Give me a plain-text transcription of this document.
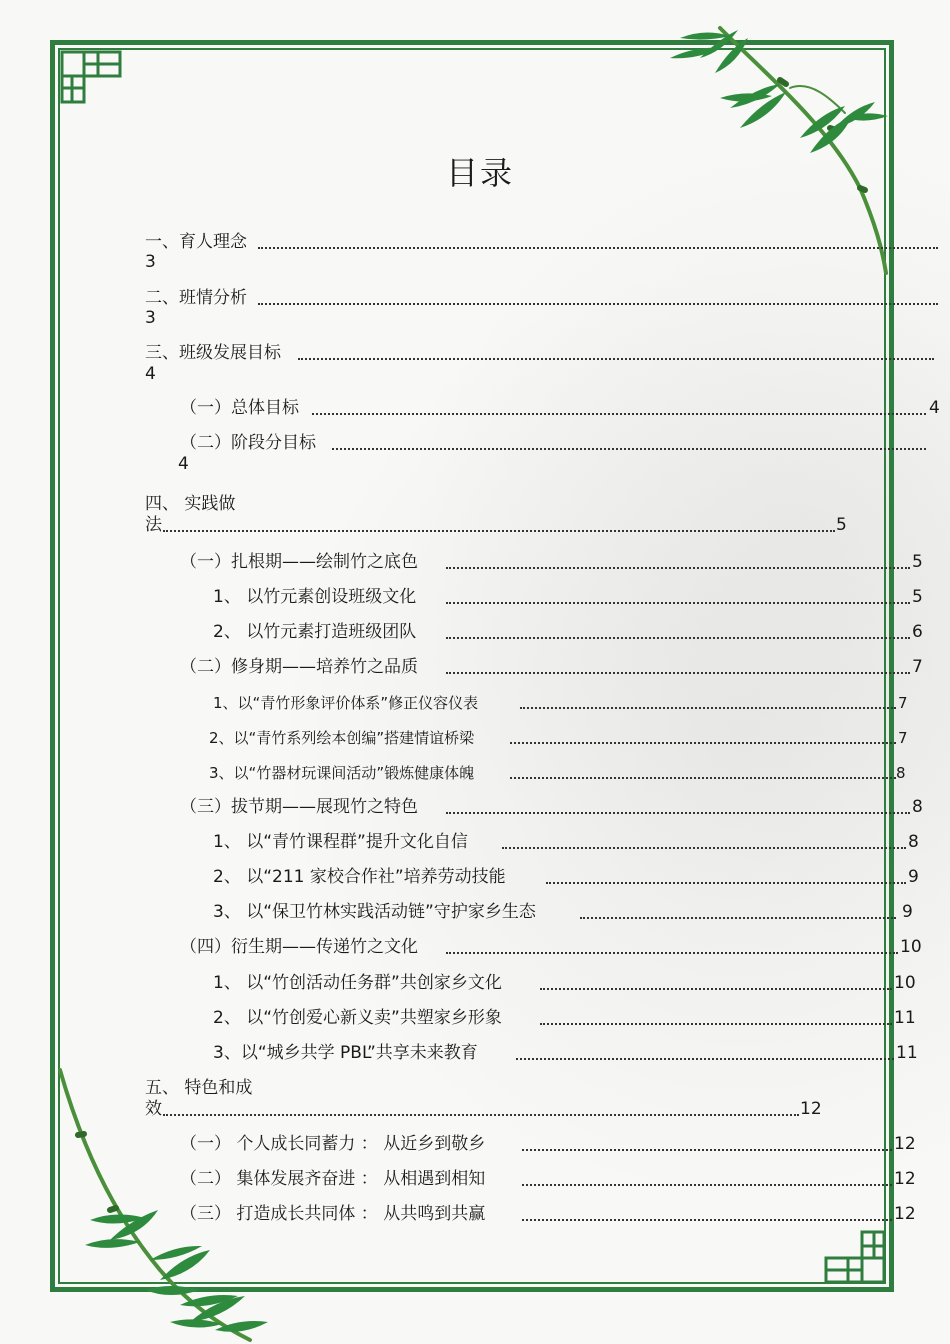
目录
一、育人理念
3
二、班情分析
3
三、班级发展目标
4
（一）总体目标	4
（二）阶段分目标
4
四、 实践做
法	5
（一）扎根期——绘制竹之底色	5
1、 以竹元素创设班级文化	5
2、 以竹元素打造班级团队	6
（二）修身期——培养竹之品质	7
1、以“青竹形象评价体系”修正仪容仪表	7
2、以“青竹系列绘本创编”搭建情谊桥梁	7
3、以“竹器材玩课间活动”锻炼健康体魄	8
（三）拔节期——展现竹之特色	8
1、 以“青竹课程群”提升文化自信	8
2、 以“211 家校合作社”培养劳动技能	9
3、 以“保卫竹林实践活动链”守护家乡生态	9
（四）衍生期——传递竹之文化	10
1、 以“竹创活动任务群”共创家乡文化	10
2、 以“竹创爱心新义卖”共塑家乡形象	11
3、以“城乡共学 PBL”共享未来教育	11
五、 特色和成
效	12
（一） 个人成长同蓄力 ： 从近乡到敬乡	12
（二） 集体发展齐奋进 ： 从相遇到相知	12
（三） 打造成长共同体 ： 从共鸣到共赢	12
